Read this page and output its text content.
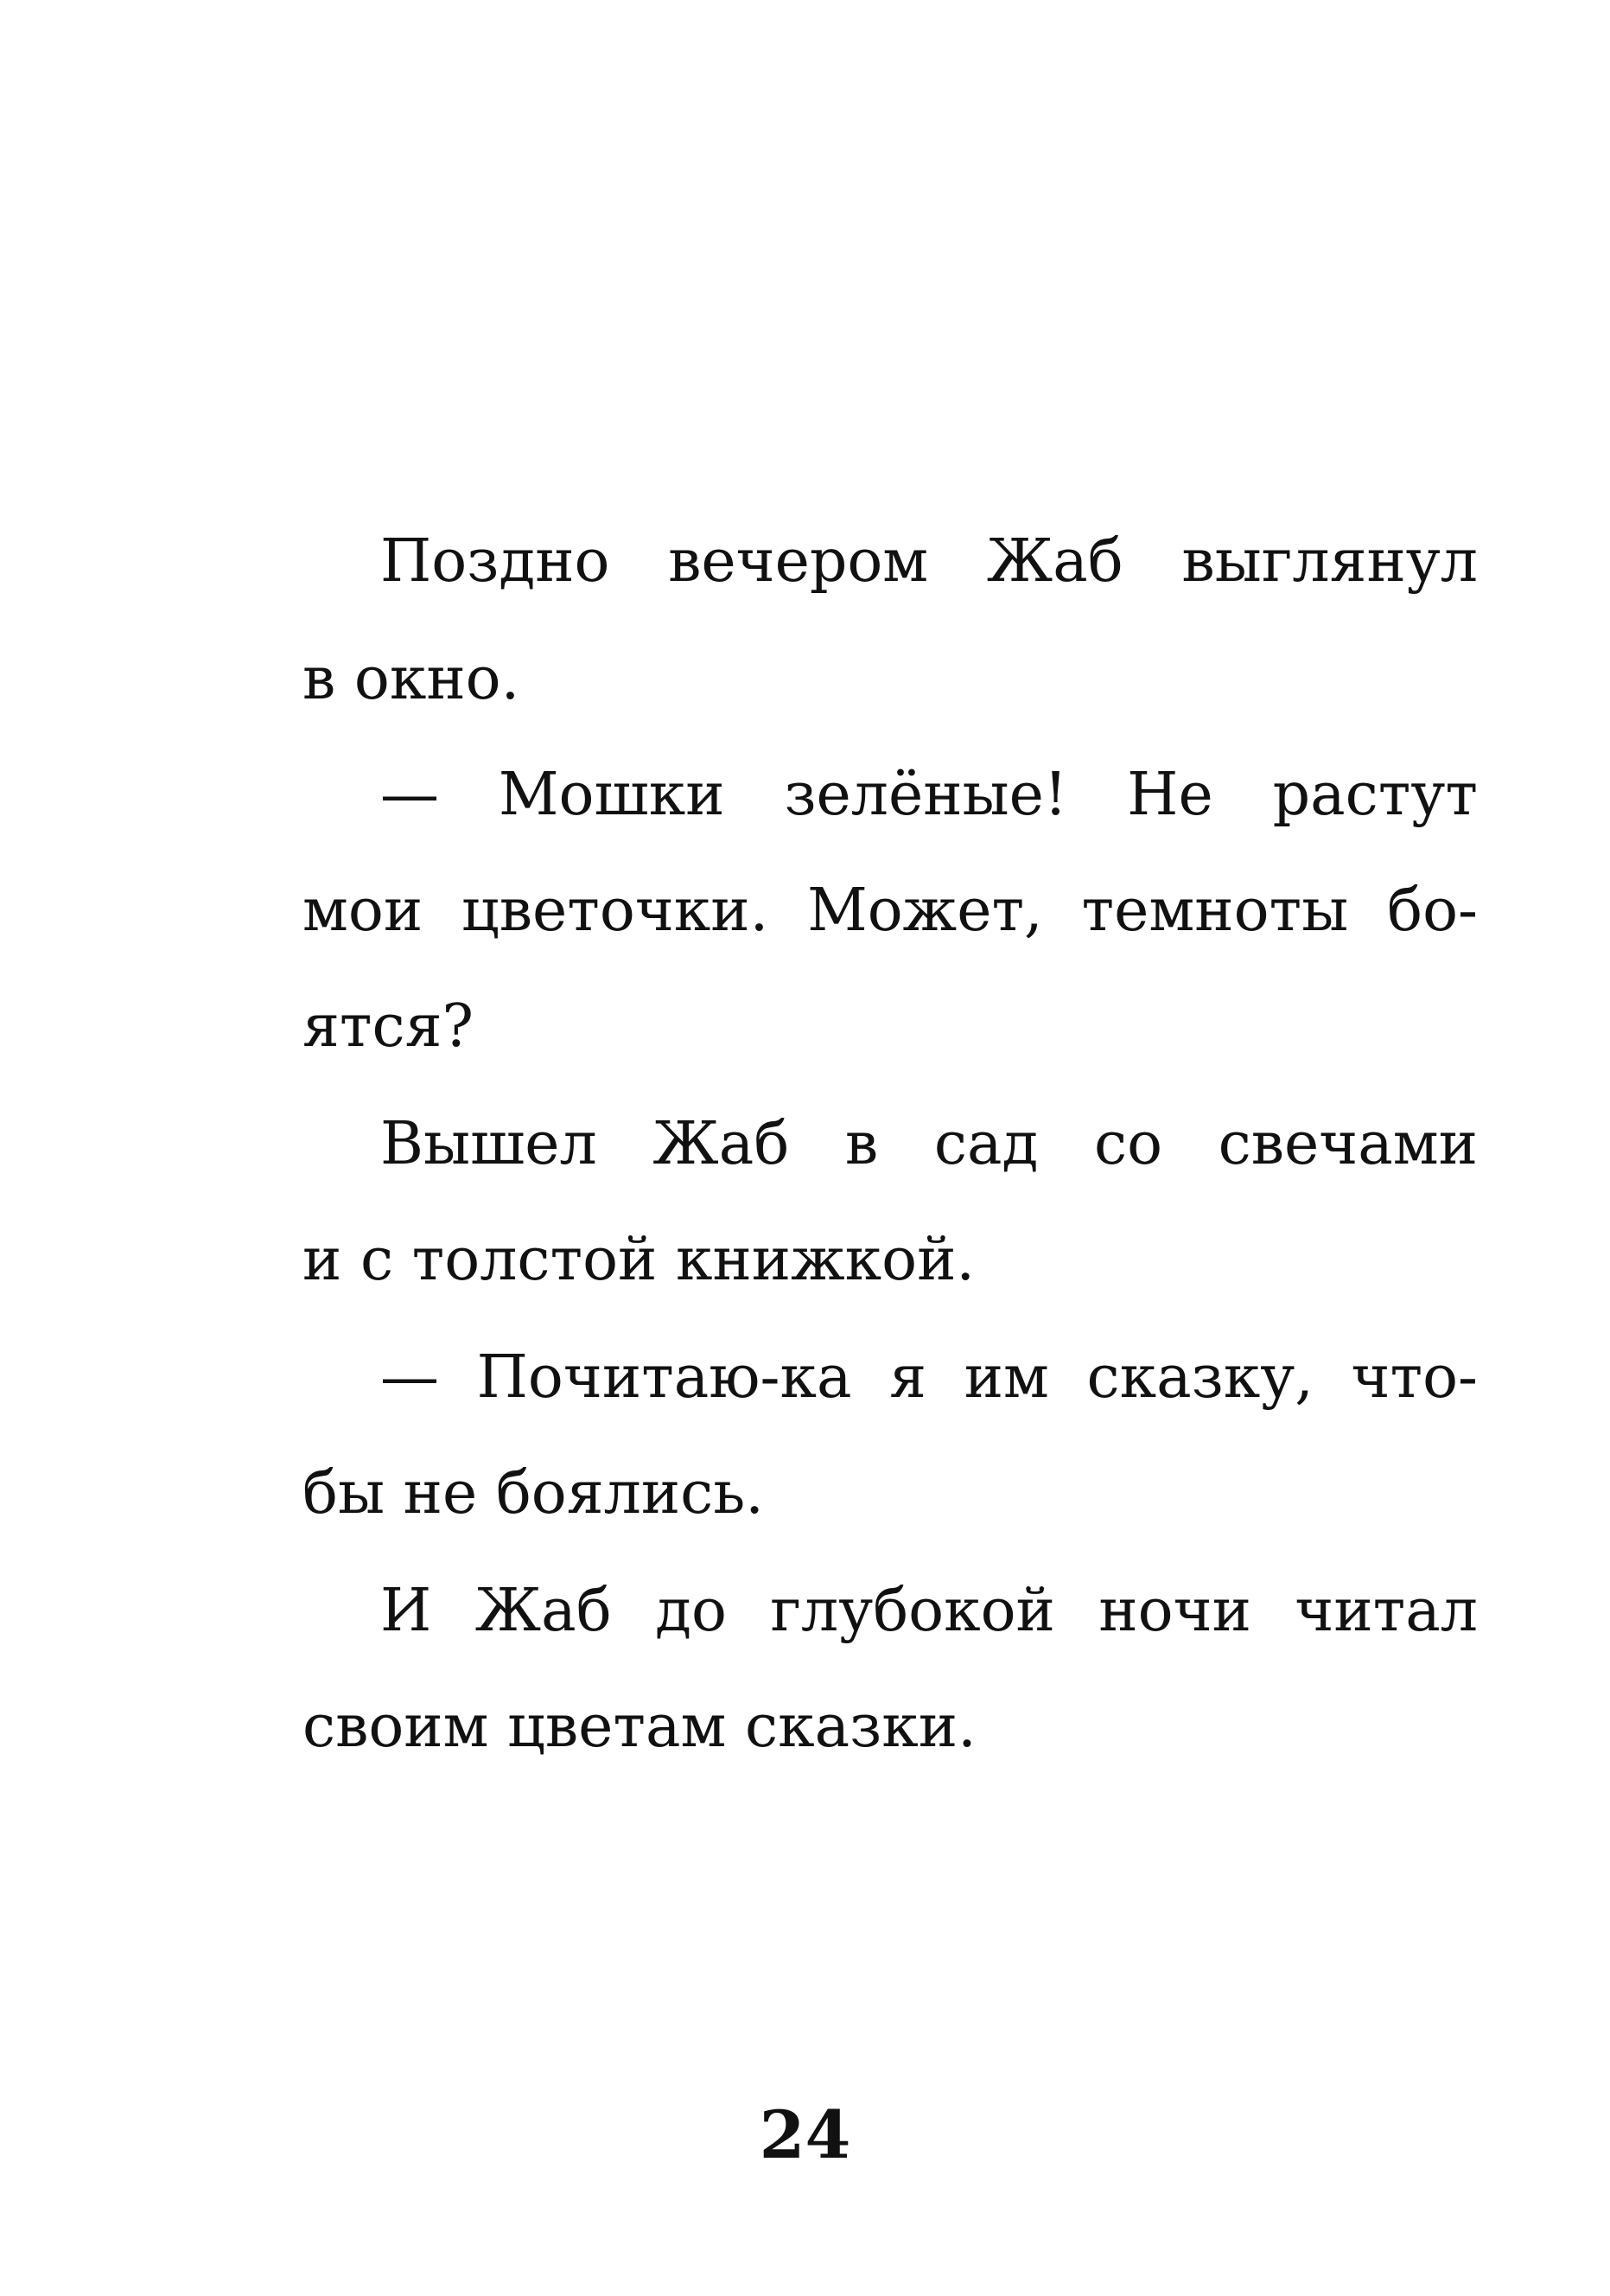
Поздно вечером Жаб выглянул
в окно.
— Мошки зелёные! Не растут
мои цветочки. Может, темноты бо-
ятся?
Вышел Жаб в сад со свечами
и с толстой книжкой.
— Почитаю-ка я им сказку, что-
бы не боялись.
И Жаб до глубокой ночи читал
своим цветам сказки.
24
